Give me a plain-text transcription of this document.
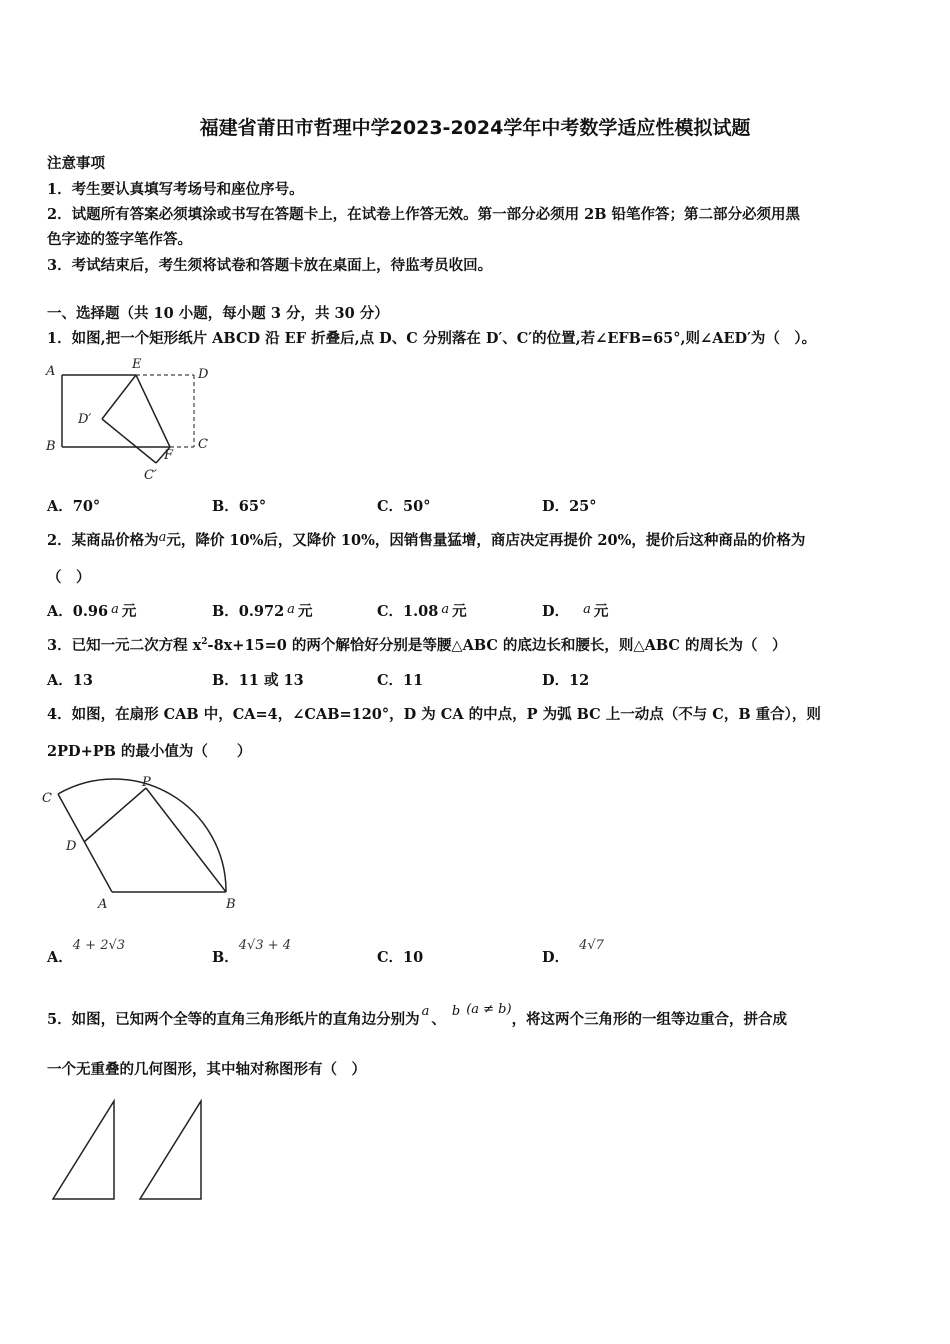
福建省莆田市哲理中学2023-2024学年中考数学适应性模拟试题
注意事项
1．考生要认真填写考场号和座位序号。
2．试题所有答案必须填涂或书写在答题卡上，在试卷上作答无效。第一部分必须用 2B 铅笔作答；第二部分必须用黑
色字迹的签字笔作答。
3．考试结束后，考生须将试卷和答题卡放在桌面上，待监考员收回。
一、选择题（共 10 小题，每小题 3 分，共 30 分）
1．如图,把一个矩形纸片 ABCD 沿 EF 折叠后,点 D、C 分别落在 D′、C′的位置,若∠EFB=65°,则∠AED′为（　）。
A	E
D
D′
B
F
C
C′
A．70°	B．65°	C．50°	D．25°
2．某商品价格为a元，降价 10%后，又降价 10%，因销售量猛增，商店决定再提价 20%，提价后这种商品的价格为
（　）
A．0.96 a 元	B．0.972 a 元	C．1.08 a 元	D． a 元
3．已知一元二次方程 $x^2-8x+15=0$ 的两个解恰好分别是等腰△ABC 的底边长和腰长，则△ABC 的周长为（　）
A．13	B．11 或 13	C．11	D．12
4．如图，在扇形 CAB 中，CA=4，∠CAB=120°，D 为 CA 的中点，P 为弧 BC 上一动点（不与 C，B 重合），则
2PD+PB 的最小值为（　　）
C
P
D
A	B
A．4 + 2√3
B．4√3 + 4
C．10	D．4√7
5．如图，已知两个全等的直角三角形纸片的直角边分别为 a 、 b (a ≠ b)，将这两个三角形的一组等边重合，拼合成
一个无重叠的几何图形，其中轴对称图形有（　）
